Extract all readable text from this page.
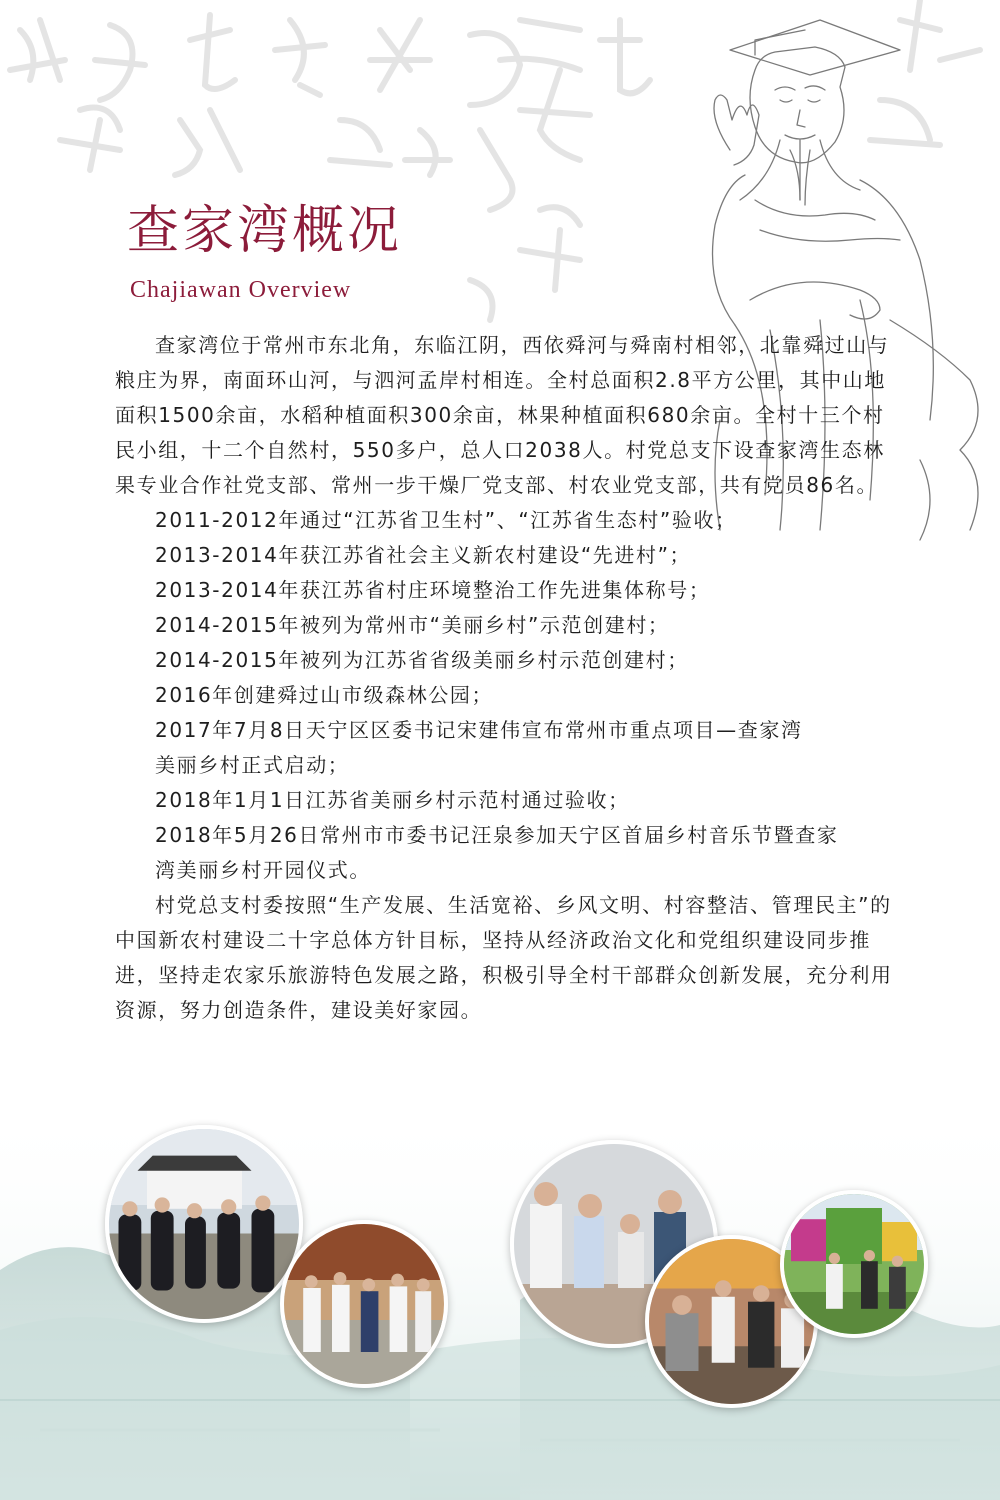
查家湾概况
Chajiawan Overview

查家湾位于常州市东北角，东临江阴，西依舜河与舜南村相邻，北靠舜过山与粮庄为界，南面环山河，与泗河孟岸村相连。全村总面积2.8平方公里，其中山地面积1500余亩，水稻种植面积300余亩，林果种植面积680余亩。全村十三个村民小组，十二个自然村，550多户，总人口2038人。村党总支下设查家湾生态林果专业合作社党支部、常州一步干燥厂党支部、村农业党支部，共有党员86名。

2011-2012年通过“江苏省卫生村”、“江苏省生态村”验收；
2013-2014年获江苏省社会主义新农村建设“先进村”；
2013-2014年获江苏省村庄环境整治工作先进集体称号；
2014-2015年被列为常州市“美丽乡村”示范创建村；
2014-2015年被列为江苏省省级美丽乡村示范创建村；
2016年创建舜过山市级森林公园；
2017年7月8日天宁区区委书记宋建伟宣布常州市重点项目—查家湾
美丽乡村正式启动；
2018年1月1日江苏省美丽乡村示范村通过验收；
2018年5月26日常州市市委书记汪泉参加天宁区首届乡村音乐节暨查家
湾美丽乡村开园仪式。

村党总支村委按照“生产发展、生活宽裕、乡风文明、村容整洁、管理民主”的中国新农村建设二十字总体方针目标，坚持从经济政治文化和党组织建设同步推进，坚持走农家乐旅游特色发展之路，积极引导全村干部群众创新发展，充分利用资源，努力创造条件，建设美好家园。
